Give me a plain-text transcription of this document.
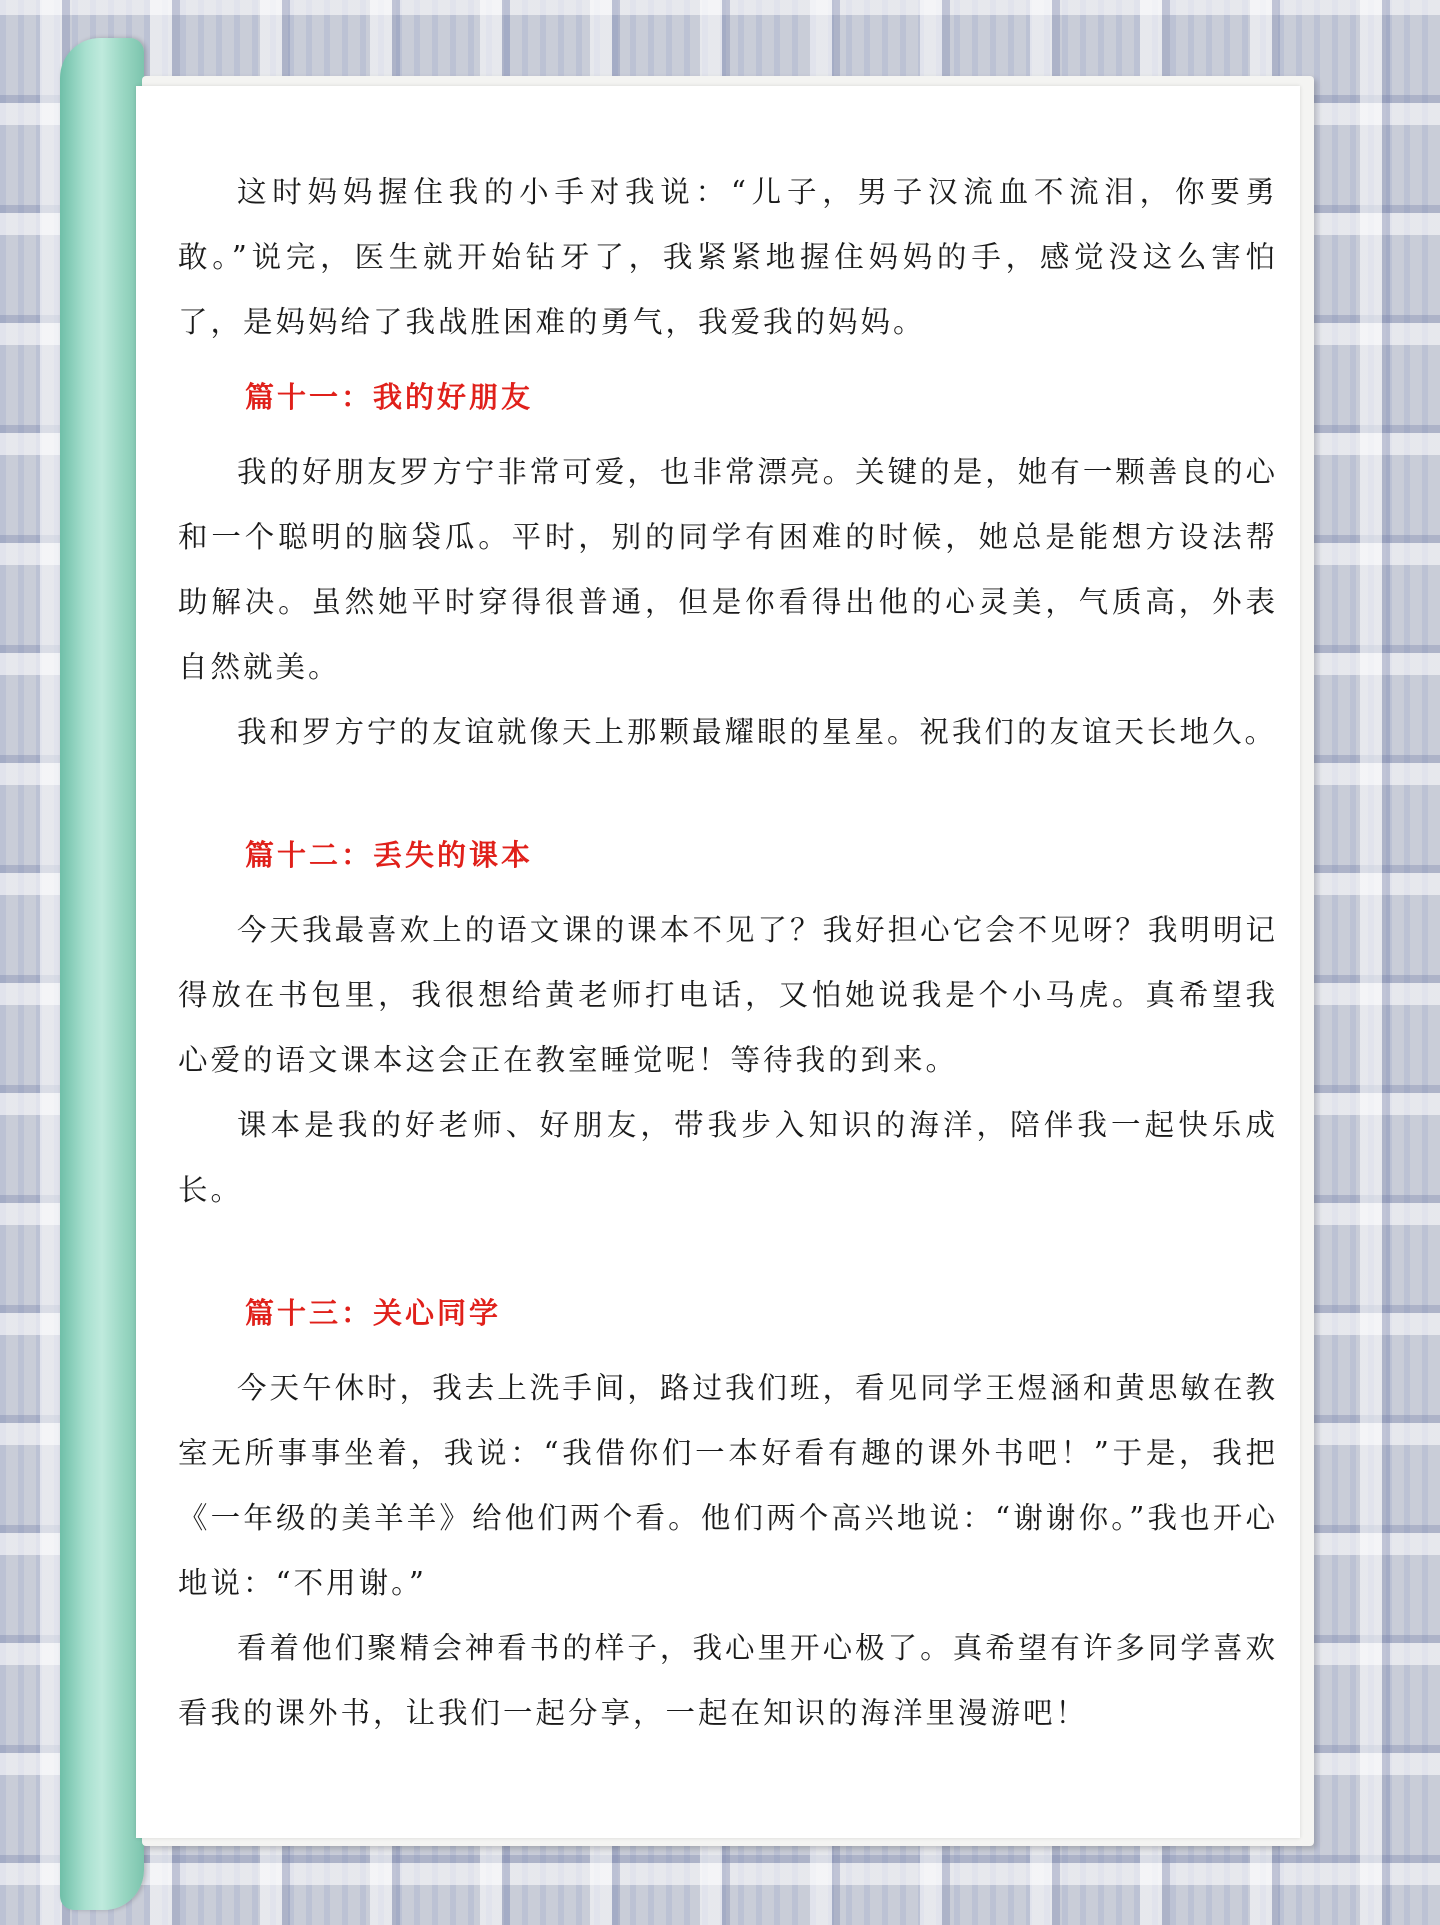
这时妈妈握住我的小手对我说：“儿子，男子汉流血不流泪，你要勇敢。”说完，医生就开始钻牙了，我紧紧地握住妈妈的手，感觉没这么害怕了，是妈妈给了我战胜困难的勇气，我爱我的妈妈。

篇十一：我的好朋友

我的好朋友罗方宁非常可爱，也非常漂亮。关键的是，她有一颗善良的心和一个聪明的脑袋瓜。平时，别的同学有困难的时候，她总是能想方设法帮助解决。虽然她平时穿得很普通，但是你看得出他的心灵美，气质高，外表自然就美。

我和罗方宁的友谊就像天上那颗最耀眼的星星。祝我们的友谊天长地久。

篇十二：丢失的课本

今天我最喜欢上的语文课的课本不见了？我好担心它会不见呀？我明明记得放在书包里，我很想给黄老师打电话，又怕她说我是个小马虎。真希望我心爱的语文课本这会正在教室睡觉呢！等待我的到来。

课本是我的好老师、好朋友，带我步入知识的海洋，陪伴我一起快乐成长。

篇十三：关心同学

今天午休时，我去上洗手间，路过我们班，看见同学王煜涵和黄思敏在教室无所事事坐着，我说：“我借你们一本好看有趣的课外书吧！”于是，我把《一年级的美羊羊》给他们两个看。他们两个高兴地说：“谢谢你。”我也开心地说：“不用谢。”

看着他们聚精会神看书的样子，我心里开心极了。真希望有许多同学喜欢看我的课外书，让我们一起分享，一起在知识的海洋里漫游吧！
